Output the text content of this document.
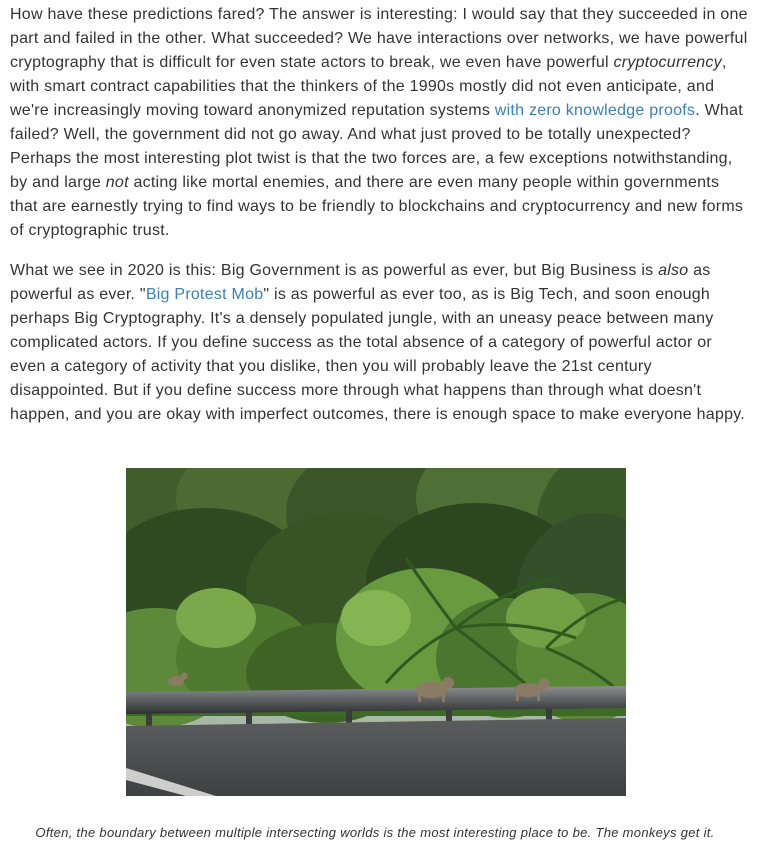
How have these predictions fared? The answer is interesting: I would say that they succeeded in one part and failed in the other. What succeeded? We have interactions over networks, we have powerful cryptography that is difficult for even state actors to break, we even have powerful cryptocurrency, with smart contract capabilities that the thinkers of the 1990s mostly did not even anticipate, and we're increasingly moving toward anonymized reputation systems with zero knowledge proofs. What failed? Well, the government did not go away. And what just proved to be totally unexpected? Perhaps the most interesting plot twist is that the two forces are, a few exceptions notwithstanding, by and large not acting like mortal enemies, and there are even many people within governments that are earnestly trying to find ways to be friendly to blockchains and cryptocurrency and new forms of cryptographic trust.

What we see in 2020 is this: Big Government is as powerful as ever, but Big Business is also as powerful as ever. "Big Protest Mob" is as powerful as ever too, as is Big Tech, and soon enough perhaps Big Cryptography. It's a densely populated jungle, with an uneasy peace between many complicated actors. If you define success as the total absence of a category of powerful actor or even a category of activity that you dislike, then you will probably leave the 21st century disappointed. But if you define success more through what happens than through what doesn't happen, and you are okay with imperfect outcomes, there is enough space to make everyone happy.

Often, the boundary between multiple intersecting worlds is the most interesting place to be. The monkeys get it.
